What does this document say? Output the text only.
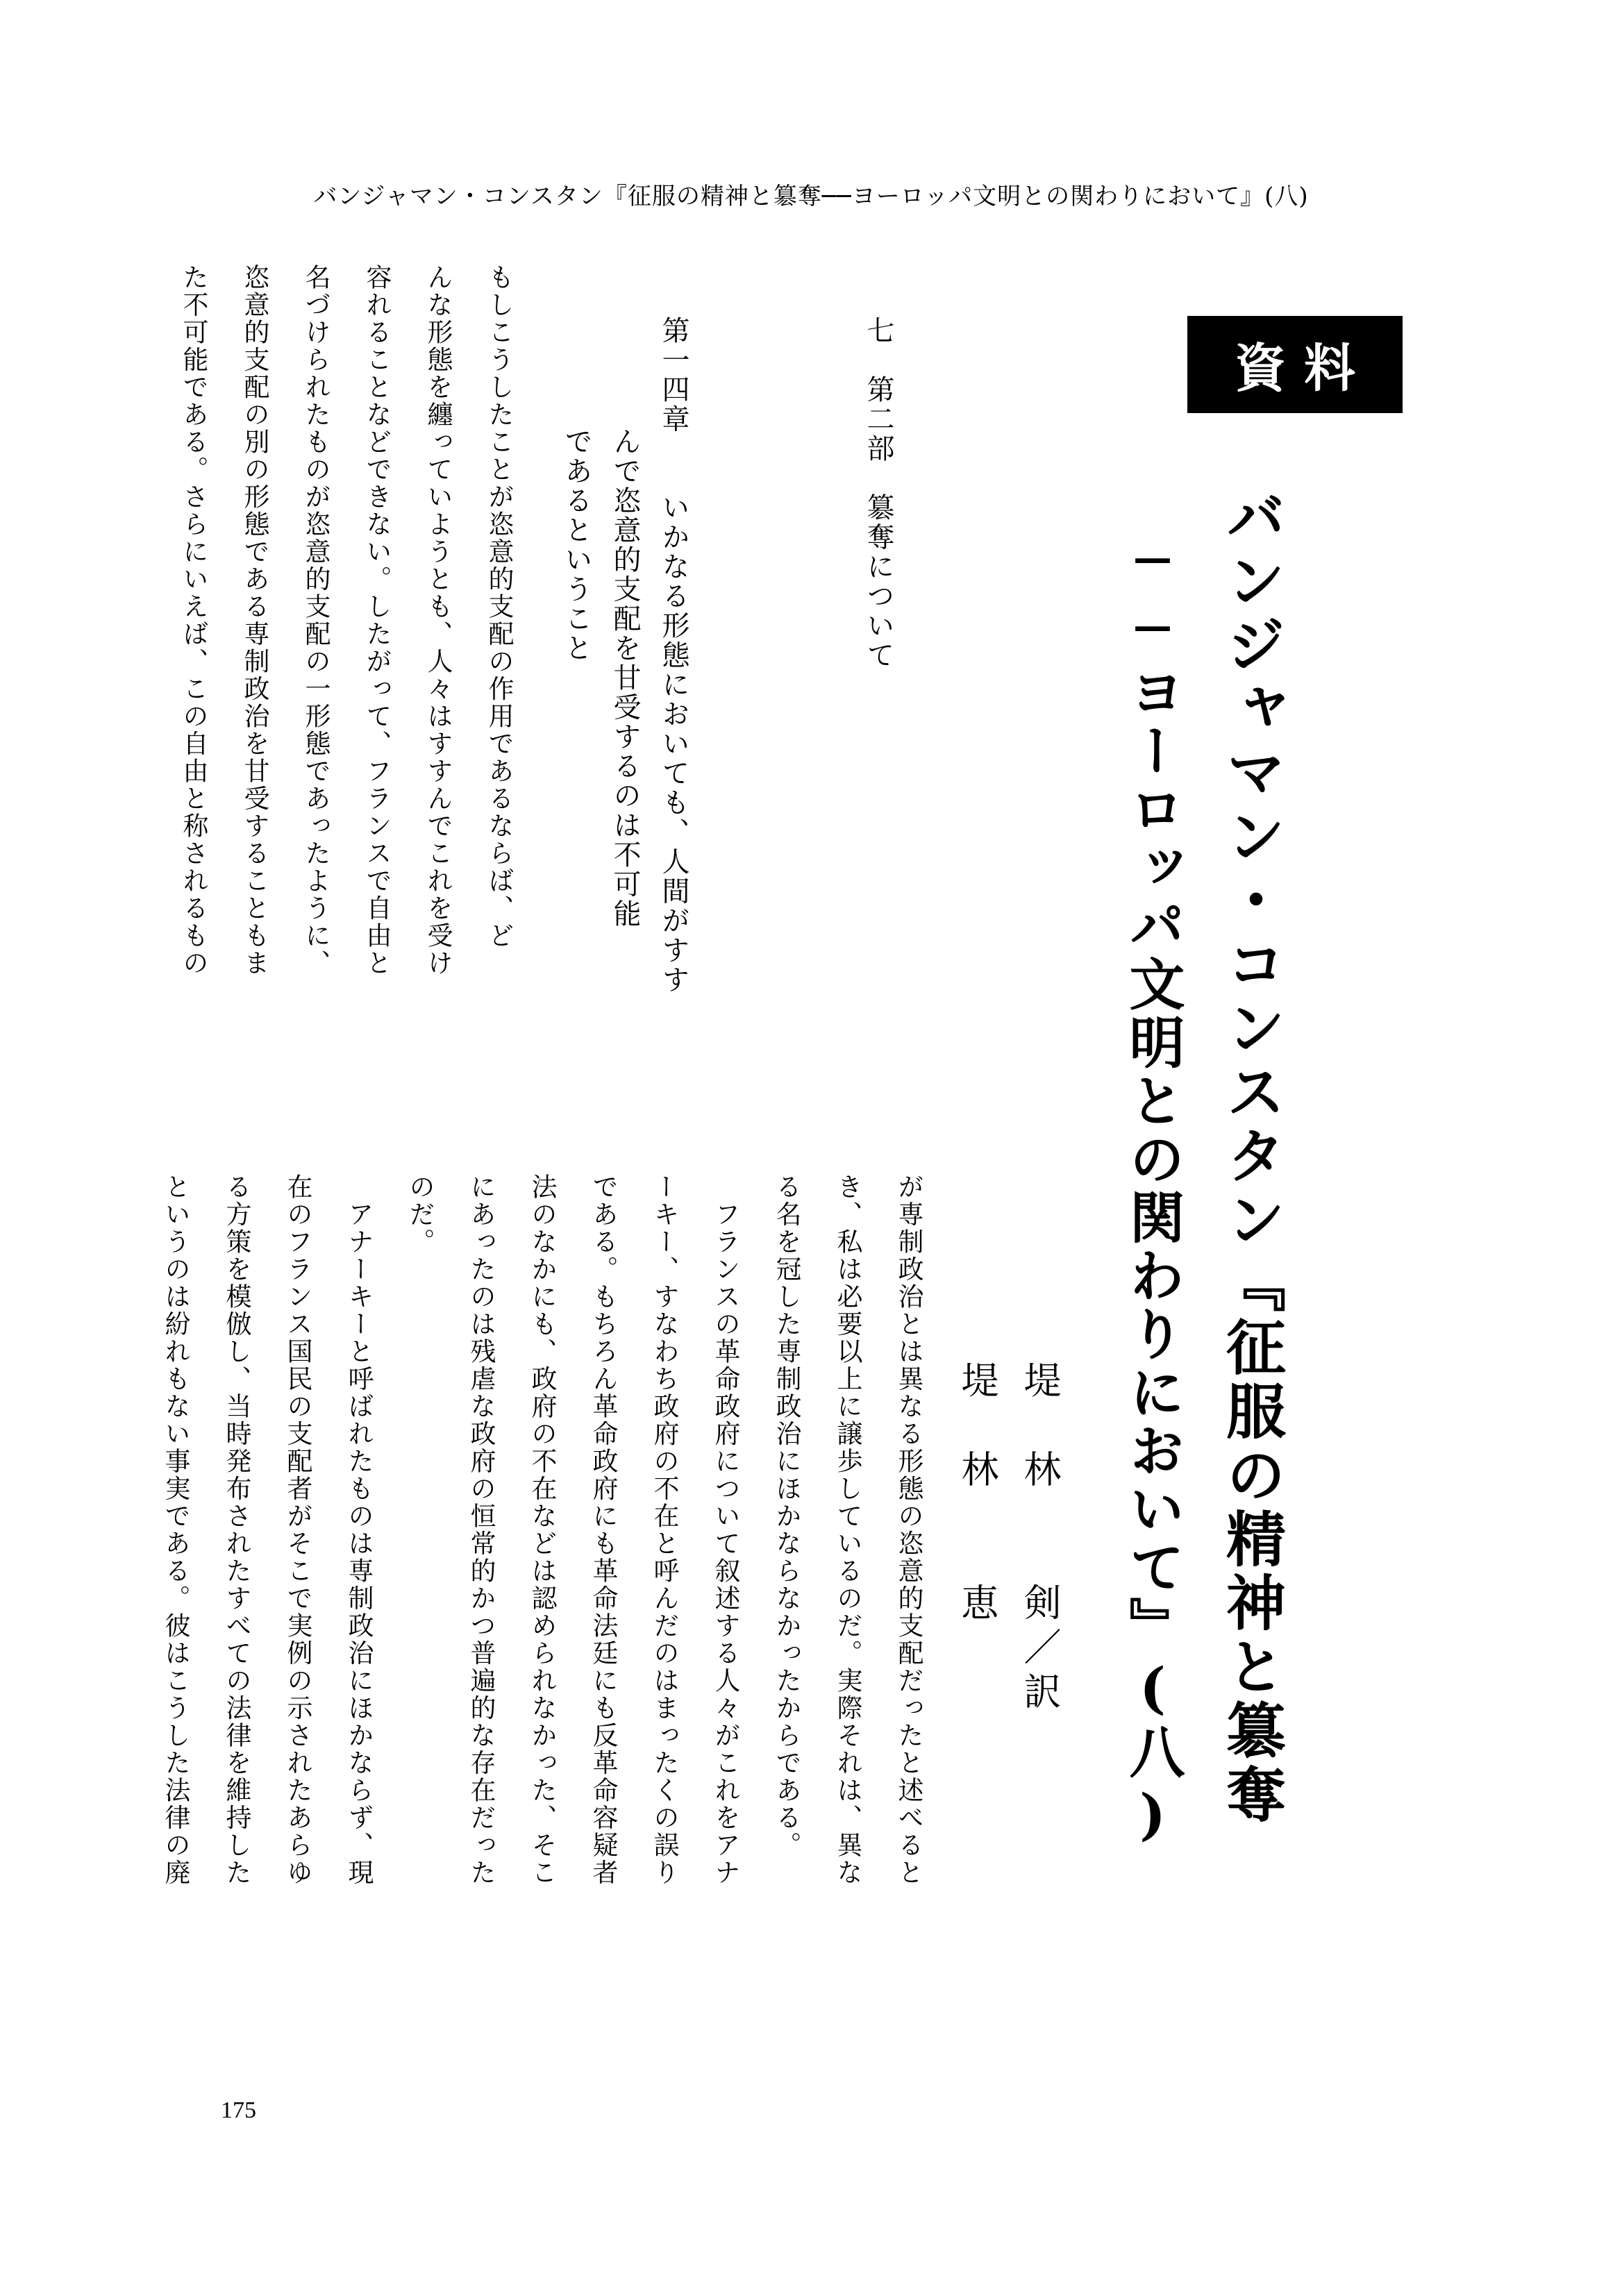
バンジャマン・コンスタン『征服の精神と簒奪──ヨーロッパ文明との関わりにおいて』(八)
資料
バンジャマン・コンスタン『征服の精神と簒奪
──ヨーロッパ文明との関わりにおいて』(八)
堤　林　　剣／訳
堤　林　　恵
七　第二部　簒奪について
第一四章　　いかなる形態においても、人間がすす
んで恣意的支配を甘受するのは不可能
であるということ
もしこうしたことが恣意的支配の作用であるならば、ど
んな形態を纏っていようとも、人々はすすんでこれを受け
容れることなどできない。したがって、フランスで自由と
名づけられたものが恣意的支配の一形態であったように、
恣意的支配の別の形態である専制政治を甘受することもま
た不可能である。さらにいえば、この自由と称されるもの
が専制政治とは異なる形態の恣意的支配だったと述べると
き、私は必要以上に譲歩しているのだ。実際それは、異な
る名を冠した専制政治にほかならなかったからである。
　フランスの革命政府について叙述する人々がこれをアナ
ーキー、すなわち政府の不在と呼んだのはまったくの誤り
である。もちろん革命政府にも革命法廷にも反革命容疑者
法のなかにも、政府の不在などは認められなかった、そこ
にあったのは残虐な政府の恒常的かつ普遍的な存在だった
のだ。
　アナーキーと呼ばれたものは専制政治にほかならず、現
在のフランス国民の支配者がそこで実例の示されたあらゆ
る方策を模倣し、当時発布されたすべての法律を維持した
というのは紛れもない事実である。彼はこうした法律の廃
175
